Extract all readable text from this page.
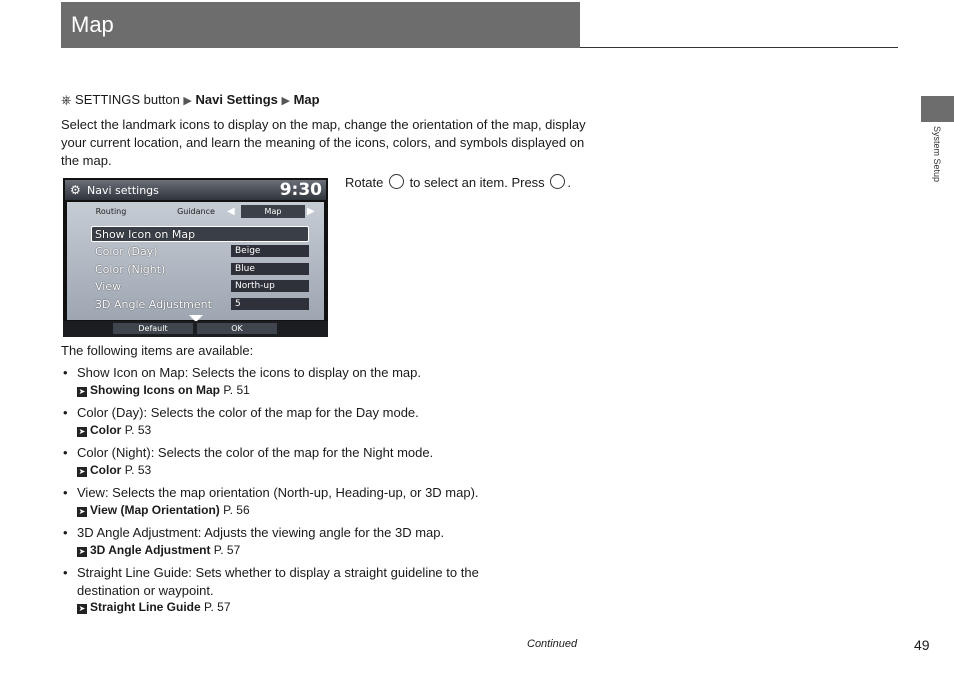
Map
System Setup
⎈ SETTINGS button ▶ Navi Settings ▶ Map
Select the landmark icons to display on the map, change the orientation of the map, display your current location, and learn the meaning of the icons, colors, and symbols displayed on the map.
Rotate to select an item. Press .
⚙ Navi settings	9:30
Routing	Guidance	◀	Map	▶
Show Icon on Map
Color (Day)	Beige
Color (Night)	Blue
View	North-up
3D Angle Adjustment	5
Default	OK
The following items are available:
• Show Icon on Map: Selects the icons to display on the map.
➤ Showing Icons on Map P. 51
• Color (Day): Selects the color of the map for the Day mode.
➤ Color P. 53
• Color (Night): Selects the color of the map for the Night mode.
➤ Color P. 53
• View: Selects the map orientation (North-up, Heading-up, or 3D map).
➤ View (Map Orientation) P. 56
• 3D Angle Adjustment: Adjusts the viewing angle for the 3D map.
➤ 3D Angle Adjustment P. 57
• Straight Line Guide: Sets whether to display a straight guideline to the destination or waypoint.
➤ Straight Line Guide P. 57
Continued	49
